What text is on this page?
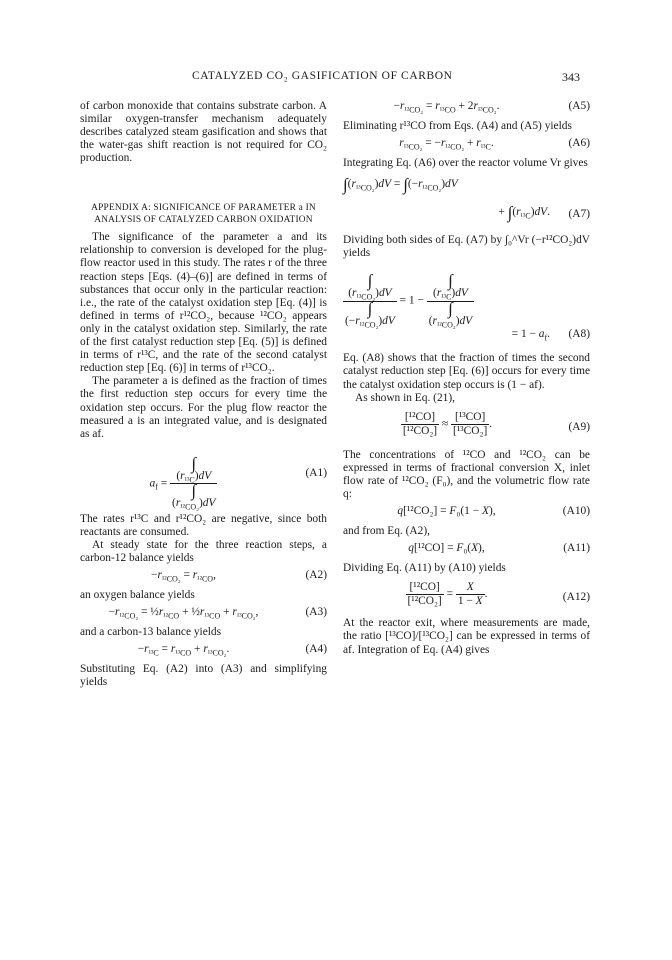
CATALYZED CO₂ GASIFICATION OF CARBON	343

of carbon monoxide that contains substrate carbon. A similar oxygen-transfer mechanism adequately describes catalyzed steam gasification and shows that the water-gas shift reaction is not required for CO₂ production.

APPENDIX A: SIGNIFICANCE OF PARAMETER a IN ANALYSIS OF CATALYZED CARBON OXIDATION

The significance of the parameter a and its relationship to conversion is developed for the plug-flow reactor used in this study. The rates r of the three reaction steps [Eqs. (4)–(6)] are defined in terms of substances that occur only in the particular reaction: i.e., the rate of the catalyst oxidation step [Eq. (4)] is defined in terms of r¹²CO₂, because ¹²CO₂ appears only in the catalyst oxidation step. Similarly, the rate of the first catalyst reduction step [Eq. (5)] is defined in terms of r¹³C, and the rate of the second catalyst reduction step [Eq. (6)] in terms of r¹³CO₂.

The parameter a is defined as the fraction of times the first reduction step occurs for every time the oxidation step occurs. For the plug flow reactor the measured a is an integrated value, and is designated as af.

$a_f$ = ∫
$(r_{^{13}C})dV$
∫
$(r_{^{12}CO_2})dV$	(A1)

The rates r¹³C and r¹²CO₂ are negative, since both reactants are consumed.

At steady state for the three reaction steps, a carbon-12 balance yields

$-r_{^{12}CO_2} = r_{^{12}CO}$,	(A2)

an oxygen balance yields

$-r_{^{12}CO_2}$ = $\frac{1}{2}r_{^{12}CO}$ + $\frac{1}{2}r_{^{13}CO} + r_{^{13}CO_2}$,	(A3)

and a carbon-13 balance yields

$-r_{^{13}C} = r_{^{13}CO} + r_{^{13}CO_2}$.	(A4)

Substituting Eq. (A2) into (A3) and simplifying yields

$-r_{^{12}CO_2} = r_{^{13}CO} + 2r_{^{13}CO_2}$.	(A5)

Eliminating r¹³CO from Eqs. (A4) and (A5) yields

$r_{^{13}CO_2} = -r_{^{12}CO_2} + r_{^{13}C}$.	(A6)

Integrating Eq. (A6) over the reactor volume Vr gives

$\int(r_{^{13}CO_2})dV = \int(-r_{^{12}CO_2})dV$
+ $\int(r_{^{13}C})dV$. (A7)

Dividing both sides of Eq. (A7) by ∫₀^Vr (−r¹²CO₂)dV yields

∫
$(r_{^{13}CO_2})dV$
∫
$(-r_{^{12}CO_2})dV = 1$ − ∫
$(r_{^{13}C})dV$
∫
$(r_{^{12}CO_2})dV$
= $1 - a_f$. (A8)

Eq. (A8) shows that the fraction of times the second catalyst reduction step [Eq. (6)] occurs for every time the catalyst oxidation step occurs is (1 − af).

As shown in Eq. (21),

$\frac{\text{[¹²CO]}}{\text{[¹²CO₂]}} \approx \frac{\text{[¹³CO]}}{\text{[¹³CO₂]}}$ .	(A9)

The concentrations of ¹²CO and ¹²CO₂ can be expressed in terms of fractional conversion X, inlet flow rate of ¹²CO₂ (F₀), and the volumetric flow rate q:

q[¹²CO₂] = F₀(1 − X),	(A10)

and from Eq. (A2),

q[¹²CO] = F₀(X),	(A11)

Dividing Eq. (A11) by (A10) yields

$\frac{\text{[¹²CO]}}{\text{[¹²CO₂]}} = \frac{X}{1 - X}$ .	(A12)

At the reactor exit, where measurements are made, the ratio [¹³CO]/[¹³CO₂] can be expressed in terms of af. Integration of Eq. (A4) gives
